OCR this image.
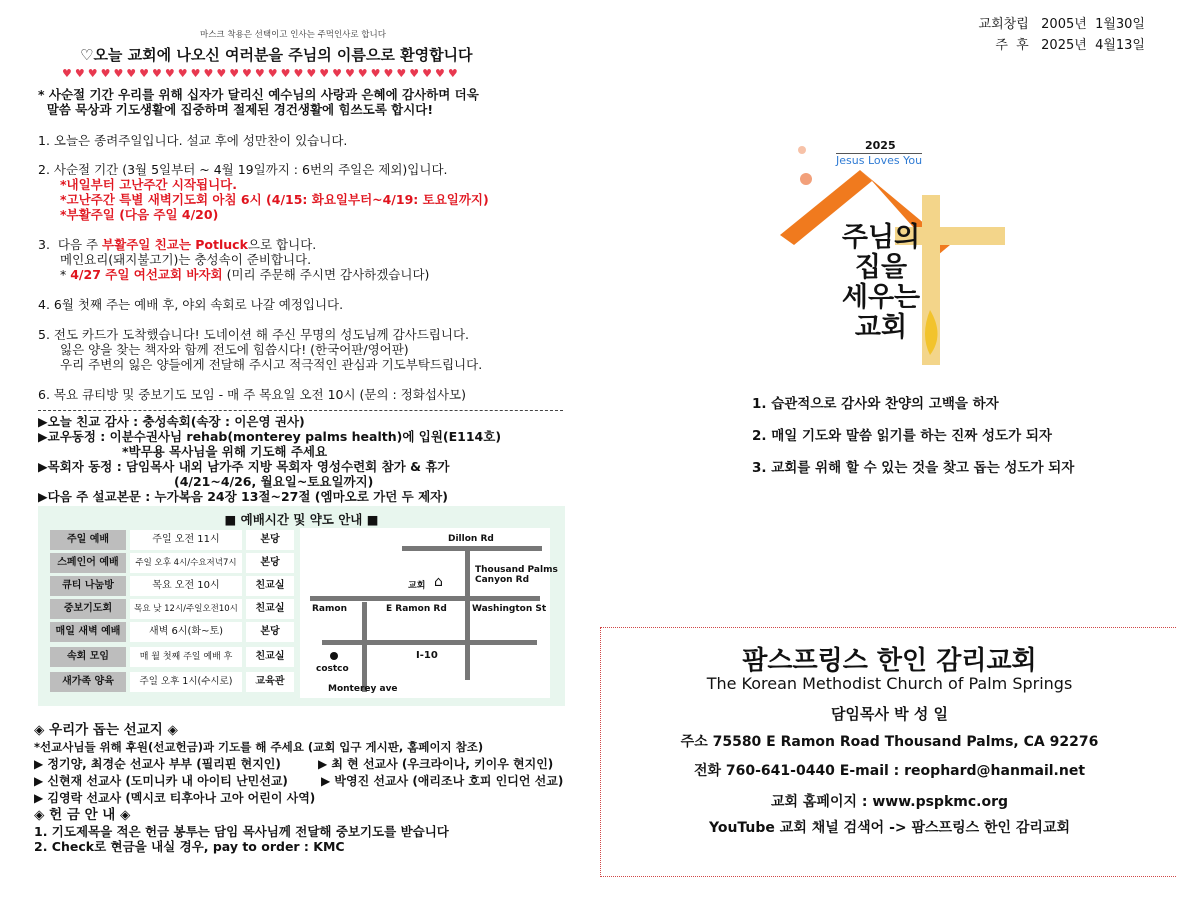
교회창립 2005년  1월30일
주  후 2025년  4월13일
마스크 착용은 선택이고 인사는 주먹인사로 합니다
♡오늘 교회에 나오신 여러분을 주님의 이름으로 환영합니다
♥♥♥♥♥♥♥♥♥♥♥♥♥♥♥♥♥♥♥♥♥♥♥♥♥♥♥♥♥♥♥
* 사순절 기간 우리를 위해 십자가 달리신 예수님의 사랑과 은혜에 감사하며 더욱
말씀 묵상과 기도생활에 집중하며 절제된 경건생활에 힘쓰도록 합시다!
1. 오늘은 종려주일입니다. 설교 후에 성만찬이 있습니다.
2. 사순절 기간 (3월 5일부터 ~ 4월 19일까지 : 6번의 주일은 제외)입니다.
*내일부터 고난주간 시작됩니다.
*고난주간 특별 새벽기도회 아침 6시 (4/15: 화요일부터~4/19: 토요일까지)
*부활주일 (다음 주일 4/20)
3.  다음 주 부활주일 친교는 Potluck으로 합니다.
메인요리(돼지불고기)는 충성속이 준비합니다.
* 4/27 주일 여선교회 바자회 (미리 주문해 주시면 감사하겠습니다)
4. 6월 첫째 주는 예배 후, 야외 속회로 나갈 예정입니다.
5. 전도 카드가 도착했습니다! 도네이션 해 주신 무명의 성도님께 감사드립니다.
잃은 양을 찾는 책자와 함께 전도에 힘씁시다! (한국어판/영어판)
우리 주변의 잃은 양들에게 전달해 주시고 적극적인 관심과 기도부탁드립니다.
6. 목요 큐티방 및 중보기도 모임 - 매 주 목요일 오전 10시 (문의 : 정화섭사모)
▶오늘 친교 감사 : 충성속회(속장 : 이은영 권사)
▶교우동정 : 이분수권사님 rehab(monterey palms health)에 입원(E114호)
*박무용 목사님을 위해 기도해 주세요
▶목회자 동정 : 담임목사 내외 남가주 지방 목회자 영성수련회 참가 & 휴가
(4/21~4/26, 월요일~토요일까지)
▶다음 주 설교본문 : 누가복음 24장 13절~27절 (엠마오로 가던 두 제자)
■ 예배시간 및 약도 안내 ■
주일 예배	주일 오전 11시	본당
스페인어 예배	주일 오후 4시/수요저녁7시	본당
큐티 나눔방	목요 오전 10시	친교실
중보기도회	목요 낮 12시/주일오전10시	친교실
매일 새벽 예배	새벽 6시(화~토)	본당
속회 모임	매 월 첫째 주일 예배 후	친교실
새가족 양육	주일 오후 1시(수시로)	교육관
Dillon Rd
교회 ⌂
Thousand Palms
Canyon Rd
Ramon	E Ramon Rd	Washington St
I-10
costco
Monterey ave
◈ 우리가 돕는 선교지 ◈
*선교사님들 위해 후원(선교헌금)과 기도를 해 주세요 (교회 입구 게시판, 홈페이지 참조)
▶ 정기양, 최경순 선교사 부부 (필리핀 현지인)	▶ 최 현 선교사 (우크라이나, 키이우 현지인)
▶ 신현재 선교사 (도미니카 내 아이티 난민선교)	▶ 박영진 선교사 (애리조나 호피 인디언 선교)
▶ 김영락 선교사 (멕시코 티후아나 고아 어린이 사역)
◈ 헌 금 안 내 ◈
1. 기도제목을 적은 헌금 봉투는 담임 목사님께 전달해 중보기도를 받습니다
2. Check로 현금을 내실 경우, pay to order : KMC
2025
Jesus Loves You
주님의
집을
세우는
교회
1. 습관적으로 감사와 찬양의 고백을 하자
2. 매일 기도와 말씀 읽기를 하는 진짜 성도가 되자
3. 교회를 위해 할 수 있는 것을 찾고 돕는 성도가 되자
팜스프링스 한인 감리교회
The Korean Methodist Church of Palm Springs
담임목사 박 성 일
주소 75580 E Ramon Road Thousand Palms, CA 92276
전화 760-641-0440 E-mail : reophard@hanmail.net
교회 홈페이지 : www.pspkmc.org
YouTube 교회 채널 검색어 -> 팜스프링스 한인 감리교회
